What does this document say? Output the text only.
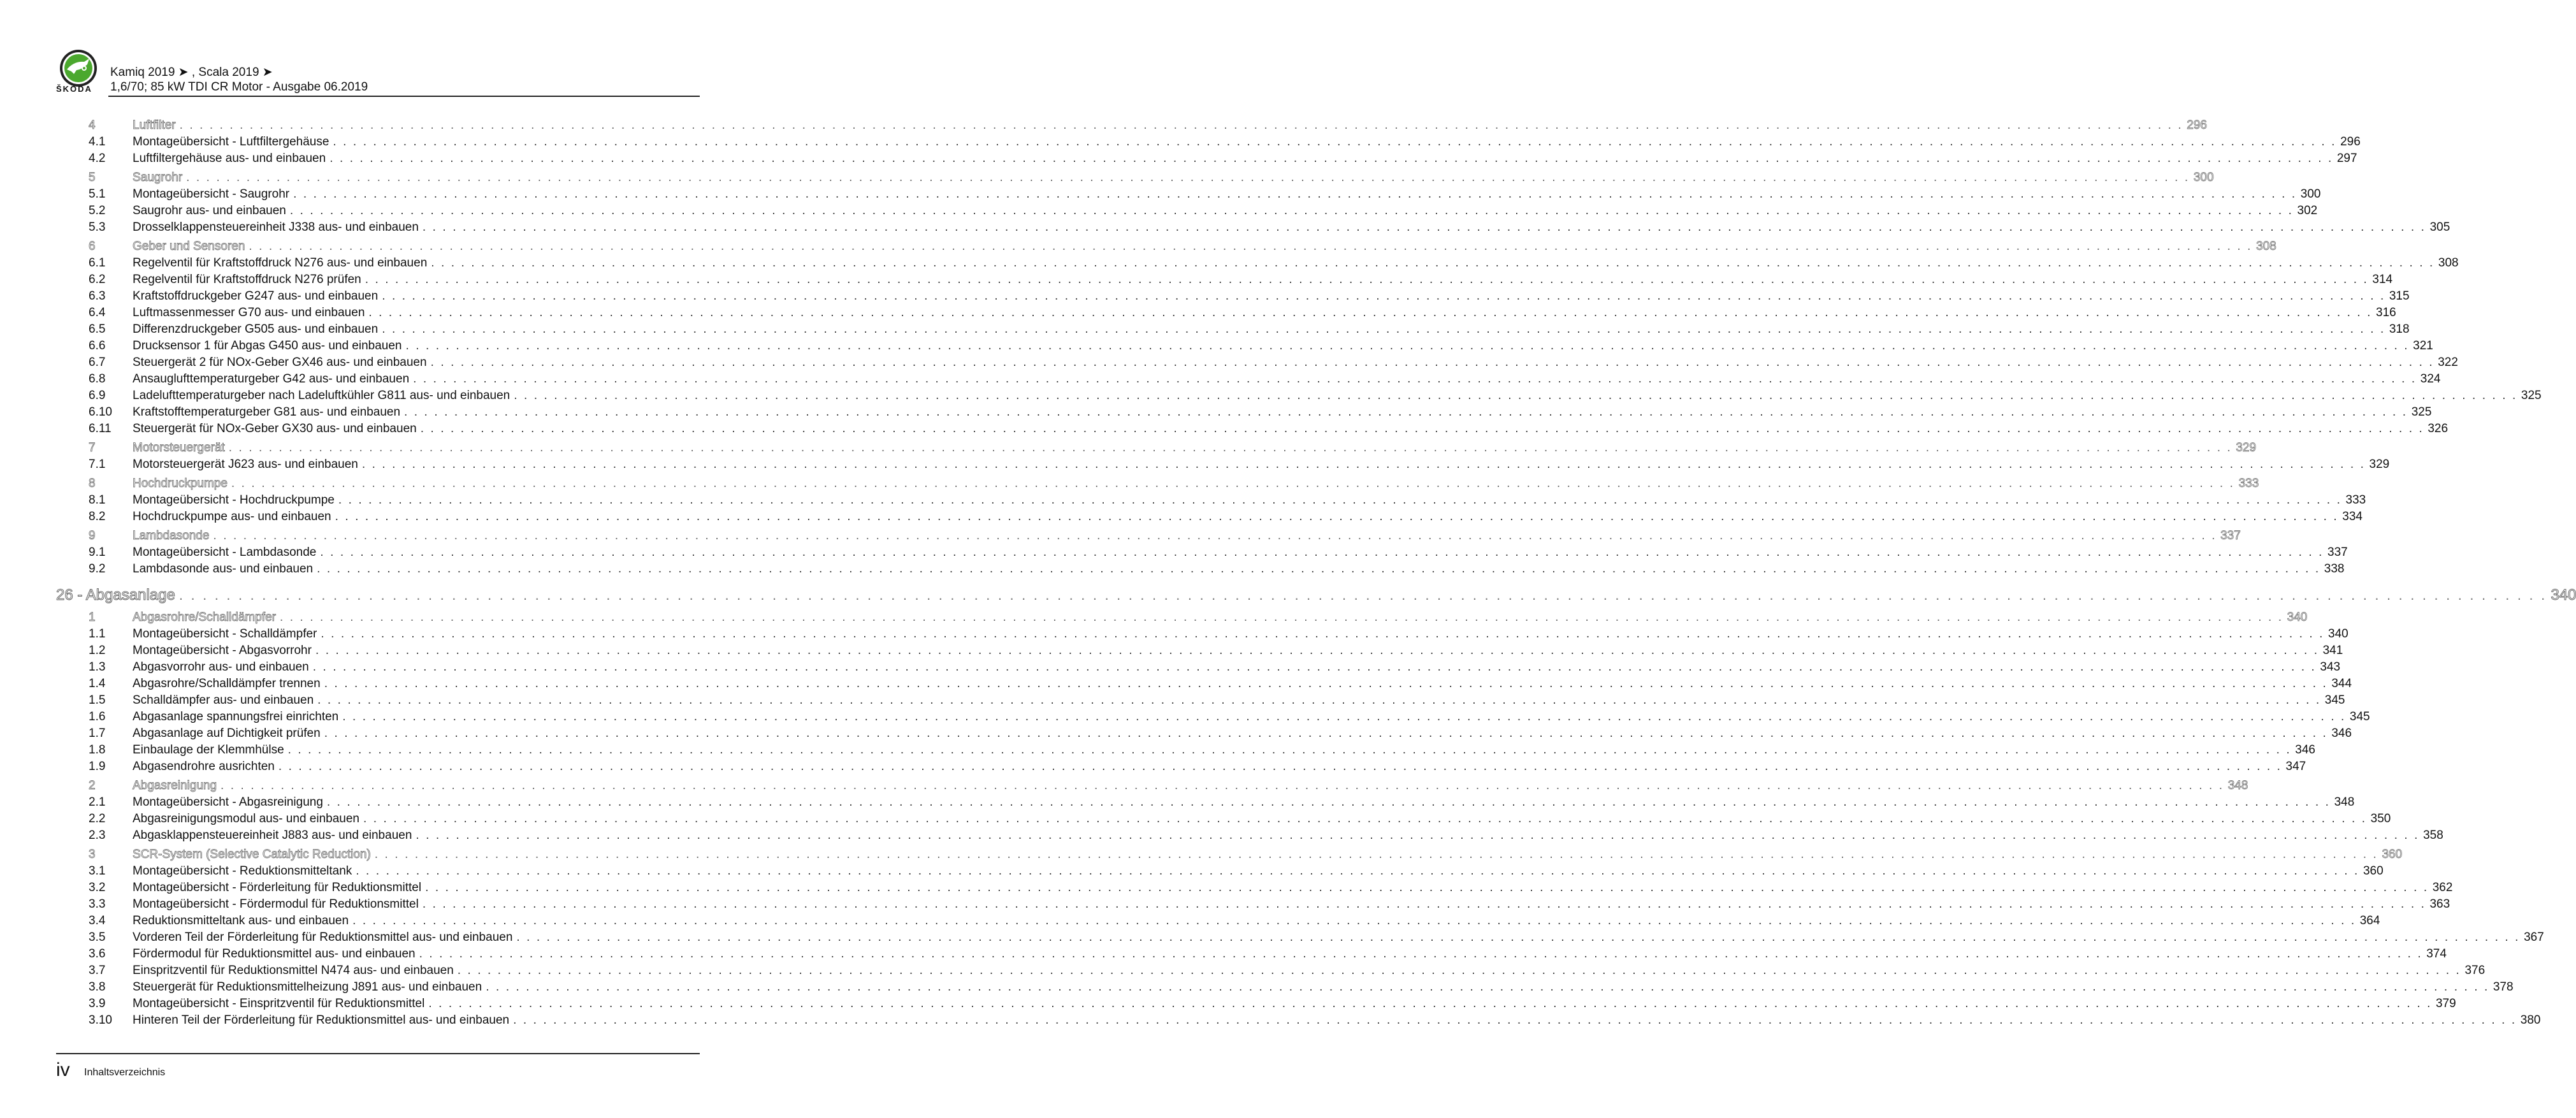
ŠKODA
Kamiq 2019 ➤ , Scala 2019 ➤
1,6/70; 85 kW TDI CR Motor - Ausgabe 06.2019
4	Luftfilter . . . . . . . . . . . . . . . . . . . . . . . . . . . . . . . . . . . . . . . . . . . . . . . . . . . . . . . . . . . . . . . . . . . . . . . . . . . . . . . . . . . . . . . . . . . . . . . . . . . . . . . . . . . . . . . . . . . . . . . . . . . . . . . . . . . . . . . . . . . . . . . . . . . . . . . . . . . . . . . . . . . . . . . . . . . . . . . . . . . . . . . . . . . . . . . . . . . . . . . . 296
4.1	Montageübersicht - Luftfiltergehäuse . . . . . . . . . . . . . . . . . . . . . . . . . . . . . . . . . . . . . . . . . . . . . . . . . . . . . . . . . . . . . . . . . . . . . . . . . . . . . . . . . . . . . . . . . . . . . . . . . . . . . . . . . . . . . . . . . . . . . . . . . . . . . . . . . . . . . . . . . . . . . . . . . . . . . . . . . . . . . . . . . . . . . . . . . . . . . . . . . . . . . . . . . . . . . . . . . . . . . . . . 296
4.2	Luftfiltergehäuse aus- und einbauen . . . . . . . . . . . . . . . . . . . . . . . . . . . . . . . . . . . . . . . . . . . . . . . . . . . . . . . . . . . . . . . . . . . . . . . . . . . . . . . . . . . . . . . . . . . . . . . . . . . . . . . . . . . . . . . . . . . . . . . . . . . . . . . . . . . . . . . . . . . . . . . . . . . . . . . . . . . . . . . . . . . . . . . . . . . . . . . . . . . . . . . . . . . . . . . . . . . . . . . . 297
5	Saugrohr . . . . . . . . . . . . . . . . . . . . . . . . . . . . . . . . . . . . . . . . . . . . . . . . . . . . . . . . . . . . . . . . . . . . . . . . . . . . . . . . . . . . . . . . . . . . . . . . . . . . . . . . . . . . . . . . . . . . . . . . . . . . . . . . . . . . . . . . . . . . . . . . . . . . . . . . . . . . . . . . . . . . . . . . . . . . . . . . . . . . . . . . . . . . . . . . . . . . . . . . 300
5.1	Montageübersicht - Saugrohr . . . . . . . . . . . . . . . . . . . . . . . . . . . . . . . . . . . . . . . . . . . . . . . . . . . . . . . . . . . . . . . . . . . . . . . . . . . . . . . . . . . . . . . . . . . . . . . . . . . . . . . . . . . . . . . . . . . . . . . . . . . . . . . . . . . . . . . . . . . . . . . . . . . . . . . . . . . . . . . . . . . . . . . . . . . . . . . . . . . . . . . . . . . . . . . . . . . . . . . . 300
5.2	Saugrohr aus- und einbauen . . . . . . . . . . . . . . . . . . . . . . . . . . . . . . . . . . . . . . . . . . . . . . . . . . . . . . . . . . . . . . . . . . . . . . . . . . . . . . . . . . . . . . . . . . . . . . . . . . . . . . . . . . . . . . . . . . . . . . . . . . . . . . . . . . . . . . . . . . . . . . . . . . . . . . . . . . . . . . . . . . . . . . . . . . . . . . . . . . . . . . . . . . . . . . . . . . . . . . . . 302
5.3	Drosselklappensteuereinheit J338 aus- und einbauen . . . . . . . . . . . . . . . . . . . . . . . . . . . . . . . . . . . . . . . . . . . . . . . . . . . . . . . . . . . . . . . . . . . . . . . . . . . . . . . . . . . . . . . . . . . . . . . . . . . . . . . . . . . . . . . . . . . . . . . . . . . . . . . . . . . . . . . . . . . . . . . . . . . . . . . . . . . . . . . . . . . . . . . . . . . . . . . . . . . . . . . . . . . . . . . . . . . . . . . . 305
6	Geber und Sensoren . . . . . . . . . . . . . . . . . . . . . . . . . . . . . . . . . . . . . . . . . . . . . . . . . . . . . . . . . . . . . . . . . . . . . . . . . . . . . . . . . . . . . . . . . . . . . . . . . . . . . . . . . . . . . . . . . . . . . . . . . . . . . . . . . . . . . . . . . . . . . . . . . . . . . . . . . . . . . . . . . . . . . . . . . . . . . . . . . . . . . . . . . . . . . . . . . . . . . . . . 308
6.1	Regelventil für Kraftstoffdruck N276 aus- und einbauen . . . . . . . . . . . . . . . . . . . . . . . . . . . . . . . . . . . . . . . . . . . . . . . . . . . . . . . . . . . . . . . . . . . . . . . . . . . . . . . . . . . . . . . . . . . . . . . . . . . . . . . . . . . . . . . . . . . . . . . . . . . . . . . . . . . . . . . . . . . . . . . . . . . . . . . . . . . . . . . . . . . . . . . . . . . . . . . . . . . . . . . . . . . . . . . . . . . . . . . . 308
6.2	Regelventil für Kraftstoffdruck N276 prüfen . . . . . . . . . . . . . . . . . . . . . . . . . . . . . . . . . . . . . . . . . . . . . . . . . . . . . . . . . . . . . . . . . . . . . . . . . . . . . . . . . . . . . . . . . . . . . . . . . . . . . . . . . . . . . . . . . . . . . . . . . . . . . . . . . . . . . . . . . . . . . . . . . . . . . . . . . . . . . . . . . . . . . . . . . . . . . . . . . . . . . . . . . . . . . . . . . . . . . . . . 314
6.3	Kraftstoffdruckgeber G247 aus- und einbauen . . . . . . . . . . . . . . . . . . . . . . . . . . . . . . . . . . . . . . . . . . . . . . . . . . . . . . . . . . . . . . . . . . . . . . . . . . . . . . . . . . . . . . . . . . . . . . . . . . . . . . . . . . . . . . . . . . . . . . . . . . . . . . . . . . . . . . . . . . . . . . . . . . . . . . . . . . . . . . . . . . . . . . . . . . . . . . . . . . . . . . . . . . . . . . . . . . . . . . . . 315
6.4	Luftmassenmesser G70 aus- und einbauen . . . . . . . . . . . . . . . . . . . . . . . . . . . . . . . . . . . . . . . . . . . . . . . . . . . . . . . . . . . . . . . . . . . . . . . . . . . . . . . . . . . . . . . . . . . . . . . . . . . . . . . . . . . . . . . . . . . . . . . . . . . . . . . . . . . . . . . . . . . . . . . . . . . . . . . . . . . . . . . . . . . . . . . . . . . . . . . . . . . . . . . . . . . . . . . . . . . . . . . . 316
6.5	Differenzdruckgeber G505 aus- und einbauen . . . . . . . . . . . . . . . . . . . . . . . . . . . . . . . . . . . . . . . . . . . . . . . . . . . . . . . . . . . . . . . . . . . . . . . . . . . . . . . . . . . . . . . . . . . . . . . . . . . . . . . . . . . . . . . . . . . . . . . . . . . . . . . . . . . . . . . . . . . . . . . . . . . . . . . . . . . . . . . . . . . . . . . . . . . . . . . . . . . . . . . . . . . . . . . . . . . . . . . . 318
6.6	Drucksensor 1 für Abgas G450 aus- und einbauen . . . . . . . . . . . . . . . . . . . . . . . . . . . . . . . . . . . . . . . . . . . . . . . . . . . . . . . . . . . . . . . . . . . . . . . . . . . . . . . . . . . . . . . . . . . . . . . . . . . . . . . . . . . . . . . . . . . . . . . . . . . . . . . . . . . . . . . . . . . . . . . . . . . . . . . . . . . . . . . . . . . . . . . . . . . . . . . . . . . . . . . . . . . . . . . . . . . . . . . . 321
6.7	Steuergerät 2 für NOx-Geber GX46 aus- und einbauen . . . . . . . . . . . . . . . . . . . . . . . . . . . . . . . . . . . . . . . . . . . . . . . . . . . . . . . . . . . . . . . . . . . . . . . . . . . . . . . . . . . . . . . . . . . . . . . . . . . . . . . . . . . . . . . . . . . . . . . . . . . . . . . . . . . . . . . . . . . . . . . . . . . . . . . . . . . . . . . . . . . . . . . . . . . . . . . . . . . . . . . . . . . . . . . . . . . . . . . . 322
6.8	Ansauglufttemperaturgeber G42 aus- und einbauen . . . . . . . . . . . . . . . . . . . . . . . . . . . . . . . . . . . . . . . . . . . . . . . . . . . . . . . . . . . . . . . . . . . . . . . . . . . . . . . . . . . . . . . . . . . . . . . . . . . . . . . . . . . . . . . . . . . . . . . . . . . . . . . . . . . . . . . . . . . . . . . . . . . . . . . . . . . . . . . . . . . . . . . . . . . . . . . . . . . . . . . . . . . . . . . . . . . . . . . . 324
6.9	Ladelufttemperaturgeber nach Ladeluftkühler G811 aus- und einbauen . . . . . . . . . . . . . . . . . . . . . . . . . . . . . . . . . . . . . . . . . . . . . . . . . . . . . . . . . . . . . . . . . . . . . . . . . . . . . . . . . . . . . . . . . . . . . . . . . . . . . . . . . . . . . . . . . . . . . . . . . . . . . . . . . . . . . . . . . . . . . . . . . . . . . . . . . . . . . . . . . . . . . . . . . . . . . . . . . . . . . . . . . . . . . . . . . . . . . . . . 325
6.10	Kraftstofftemperaturgeber G81 aus- und einbauen . . . . . . . . . . . . . . . . . . . . . . . . . . . . . . . . . . . . . . . . . . . . . . . . . . . . . . . . . . . . . . . . . . . . . . . . . . . . . . . . . . . . . . . . . . . . . . . . . . . . . . . . . . . . . . . . . . . . . . . . . . . . . . . . . . . . . . . . . . . . . . . . . . . . . . . . . . . . . . . . . . . . . . . . . . . . . . . . . . . . . . . . . . . . . . . . . . . . . . . . 325
6.11	Steuergerät für NOx-Geber GX30 aus- und einbauen . . . . . . . . . . . . . . . . . . . . . . . . . . . . . . . . . . . . . . . . . . . . . . . . . . . . . . . . . . . . . . . . . . . . . . . . . . . . . . . . . . . . . . . . . . . . . . . . . . . . . . . . . . . . . . . . . . . . . . . . . . . . . . . . . . . . . . . . . . . . . . . . . . . . . . . . . . . . . . . . . . . . . . . . . . . . . . . . . . . . . . . . . . . . . . . . . . . . . . . . 326
7	Motorsteuergerät . . . . . . . . . . . . . . . . . . . . . . . . . . . . . . . . . . . . . . . . . . . . . . . . . . . . . . . . . . . . . . . . . . . . . . . . . . . . . . . . . . . . . . . . . . . . . . . . . . . . . . . . . . . . . . . . . . . . . . . . . . . . . . . . . . . . . . . . . . . . . . . . . . . . . . . . . . . . . . . . . . . . . . . . . . . . . . . . . . . . . . . . . . . . . . . . . . . . . . . . 329
7.1	Motorsteuergerät J623 aus- und einbauen . . . . . . . . . . . . . . . . . . . . . . . . . . . . . . . . . . . . . . . . . . . . . . . . . . . . . . . . . . . . . . . . . . . . . . . . . . . . . . . . . . . . . . . . . . . . . . . . . . . . . . . . . . . . . . . . . . . . . . . . . . . . . . . . . . . . . . . . . . . . . . . . . . . . . . . . . . . . . . . . . . . . . . . . . . . . . . . . . . . . . . . . . . . . . . . . . . . . . . . . 329
8	Hochdruckpumpe . . . . . . . . . . . . . . . . . . . . . . . . . . . . . . . . . . . . . . . . . . . . . . . . . . . . . . . . . . . . . . . . . . . . . . . . . . . . . . . . . . . . . . . . . . . . . . . . . . . . . . . . . . . . . . . . . . . . . . . . . . . . . . . . . . . . . . . . . . . . . . . . . . . . . . . . . . . . . . . . . . . . . . . . . . . . . . . . . . . . . . . . . . . . . . . . . . . . . . . . 333
8.1	Montageübersicht - Hochdruckpumpe . . . . . . . . . . . . . . . . . . . . . . . . . . . . . . . . . . . . . . . . . . . . . . . . . . . . . . . . . . . . . . . . . . . . . . . . . . . . . . . . . . . . . . . . . . . . . . . . . . . . . . . . . . . . . . . . . . . . . . . . . . . . . . . . . . . . . . . . . . . . . . . . . . . . . . . . . . . . . . . . . . . . . . . . . . . . . . . . . . . . . . . . . . . . . . . . . . . . . . . . 333
8.2	Hochdruckpumpe aus- und einbauen . . . . . . . . . . . . . . . . . . . . . . . . . . . . . . . . . . . . . . . . . . . . . . . . . . . . . . . . . . . . . . . . . . . . . . . . . . . . . . . . . . . . . . . . . . . . . . . . . . . . . . . . . . . . . . . . . . . . . . . . . . . . . . . . . . . . . . . . . . . . . . . . . . . . . . . . . . . . . . . . . . . . . . . . . . . . . . . . . . . . . . . . . . . . . . . . . . . . . . . . 334
9	Lambdasonde . . . . . . . . . . . . . . . . . . . . . . . . . . . . . . . . . . . . . . . . . . . . . . . . . . . . . . . . . . . . . . . . . . . . . . . . . . . . . . . . . . . . . . . . . . . . . . . . . . . . . . . . . . . . . . . . . . . . . . . . . . . . . . . . . . . . . . . . . . . . . . . . . . . . . . . . . . . . . . . . . . . . . . . . . . . . . . . . . . . . . . . . . . . . . . . . . . . . . . . . 337
9.1	Montageübersicht - Lambdasonde . . . . . . . . . . . . . . . . . . . . . . . . . . . . . . . . . . . . . . . . . . . . . . . . . . . . . . . . . . . . . . . . . . . . . . . . . . . . . . . . . . . . . . . . . . . . . . . . . . . . . . . . . . . . . . . . . . . . . . . . . . . . . . . . . . . . . . . . . . . . . . . . . . . . . . . . . . . . . . . . . . . . . . . . . . . . . . . . . . . . . . . . . . . . . . . . . . . . . . . . 337
9.2	Lambdasonde aus- und einbauen . . . . . . . . . . . . . . . . . . . . . . . . . . . . . . . . . . . . . . . . . . . . . . . . . . . . . . . . . . . . . . . . . . . . . . . . . . . . . . . . . . . . . . . . . . . . . . . . . . . . . . . . . . . . . . . . . . . . . . . . . . . . . . . . . . . . . . . . . . . . . . . . . . . . . . . . . . . . . . . . . . . . . . . . . . . . . . . . . . . . . . . . . . . . . . . . . . . . . . . . 338
26 - Abgasanlage . . . . . . . . . . . . . . . . . . . . . . . . . . . . . . . . . . . . . . . . . . . . . . . . . . . . . . . . . . . . . . . . . . . . . . . . . . . . . . . . . . . . . . . . . . . . . . . . . . . . . . . . . . . . . . . . . . . . . . . . . . . . . . . . . . . . . . . . . . . . . . . . . . . . . . . . . . . . . . . . . . . . . . . . . . . . . . . . . . . . . . . . . . . . . . . . . . . . . . . . 340
1	Abgasrohre/Schalldämpfer . . . . . . . . . . . . . . . . . . . . . . . . . . . . . . . . . . . . . . . . . . . . . . . . . . . . . . . . . . . . . . . . . . . . . . . . . . . . . . . . . . . . . . . . . . . . . . . . . . . . . . . . . . . . . . . . . . . . . . . . . . . . . . . . . . . . . . . . . . . . . . . . . . . . . . . . . . . . . . . . . . . . . . . . . . . . . . . . . . . . . . . . . . . . . . . . . . . . . . . . 340
1.1	Montageübersicht - Schalldämpfer . . . . . . . . . . . . . . . . . . . . . . . . . . . . . . . . . . . . . . . . . . . . . . . . . . . . . . . . . . . . . . . . . . . . . . . . . . . . . . . . . . . . . . . . . . . . . . . . . . . . . . . . . . . . . . . . . . . . . . . . . . . . . . . . . . . . . . . . . . . . . . . . . . . . . . . . . . . . . . . . . . . . . . . . . . . . . . . . . . . . . . . . . . . . . . . . . . . . . . . . 340
1.2	Montageübersicht - Abgasvorrohr . . . . . . . . . . . . . . . . . . . . . . . . . . . . . . . . . . . . . . . . . . . . . . . . . . . . . . . . . . . . . . . . . . . . . . . . . . . . . . . . . . . . . . . . . . . . . . . . . . . . . . . . . . . . . . . . . . . . . . . . . . . . . . . . . . . . . . . . . . . . . . . . . . . . . . . . . . . . . . . . . . . . . . . . . . . . . . . . . . . . . . . . . . . . . . . . . . . . . . . . 341
1.3	Abgasvorrohr aus- und einbauen . . . . . . . . . . . . . . . . . . . . . . . . . . . . . . . . . . . . . . . . . . . . . . . . . . . . . . . . . . . . . . . . . . . . . . . . . . . . . . . . . . . . . . . . . . . . . . . . . . . . . . . . . . . . . . . . . . . . . . . . . . . . . . . . . . . . . . . . . . . . . . . . . . . . . . . . . . . . . . . . . . . . . . . . . . . . . . . . . . . . . . . . . . . . . . . . . . . . . . . . 343
1.4	Abgasrohre/Schalldämpfer trennen . . . . . . . . . . . . . . . . . . . . . . . . . . . . . . . . . . . . . . . . . . . . . . . . . . . . . . . . . . . . . . . . . . . . . . . . . . . . . . . . . . . . . . . . . . . . . . . . . . . . . . . . . . . . . . . . . . . . . . . . . . . . . . . . . . . . . . . . . . . . . . . . . . . . . . . . . . . . . . . . . . . . . . . . . . . . . . . . . . . . . . . . . . . . . . . . . . . . . . . . 344
1.5	Schalldämpfer aus- und einbauen . . . . . . . . . . . . . . . . . . . . . . . . . . . . . . . . . . . . . . . . . . . . . . . . . . . . . . . . . . . . . . . . . . . . . . . . . . . . . . . . . . . . . . . . . . . . . . . . . . . . . . . . . . . . . . . . . . . . . . . . . . . . . . . . . . . . . . . . . . . . . . . . . . . . . . . . . . . . . . . . . . . . . . . . . . . . . . . . . . . . . . . . . . . . . . . . . . . . . . . . 345
1.6	Abgasanlage spannungsfrei einrichten . . . . . . . . . . . . . . . . . . . . . . . . . . . . . . . . . . . . . . . . . . . . . . . . . . . . . . . . . . . . . . . . . . . . . . . . . . . . . . . . . . . . . . . . . . . . . . . . . . . . . . . . . . . . . . . . . . . . . . . . . . . . . . . . . . . . . . . . . . . . . . . . . . . . . . . . . . . . . . . . . . . . . . . . . . . . . . . . . . . . . . . . . . . . . . . . . . . . . . . . 345
1.7	Abgasanlage auf Dichtigkeit prüfen . . . . . . . . . . . . . . . . . . . . . . . . . . . . . . . . . . . . . . . . . . . . . . . . . . . . . . . . . . . . . . . . . . . . . . . . . . . . . . . . . . . . . . . . . . . . . . . . . . . . . . . . . . . . . . . . . . . . . . . . . . . . . . . . . . . . . . . . . . . . . . . . . . . . . . . . . . . . . . . . . . . . . . . . . . . . . . . . . . . . . . . . . . . . . . . . . . . . . . . . 346
1.8	Einbaulage der Klemmhülse . . . . . . . . . . . . . . . . . . . . . . . . . . . . . . . . . . . . . . . . . . . . . . . . . . . . . . . . . . . . . . . . . . . . . . . . . . . . . . . . . . . . . . . . . . . . . . . . . . . . . . . . . . . . . . . . . . . . . . . . . . . . . . . . . . . . . . . . . . . . . . . . . . . . . . . . . . . . . . . . . . . . . . . . . . . . . . . . . . . . . . . . . . . . . . . . . . . . . . . . 346
1.9	Abgasendrohre ausrichten . . . . . . . . . . . . . . . . . . . . . . . . . . . . . . . . . . . . . . . . . . . . . . . . . . . . . . . . . . . . . . . . . . . . . . . . . . . . . . . . . . . . . . . . . . . . . . . . . . . . . . . . . . . . . . . . . . . . . . . . . . . . . . . . . . . . . . . . . . . . . . . . . . . . . . . . . . . . . . . . . . . . . . . . . . . . . . . . . . . . . . . . . . . . . . . . . . . . . . . . 347
2	Abgasreinigung . . . . . . . . . . . . . . . . . . . . . . . . . . . . . . . . . . . . . . . . . . . . . . . . . . . . . . . . . . . . . . . . . . . . . . . . . . . . . . . . . . . . . . . . . . . . . . . . . . . . . . . . . . . . . . . . . . . . . . . . . . . . . . . . . . . . . . . . . . . . . . . . . . . . . . . . . . . . . . . . . . . . . . . . . . . . . . . . . . . . . . . . . . . . . . . . . . . . . . . . 348
2.1	Montageübersicht - Abgasreinigung . . . . . . . . . . . . . . . . . . . . . . . . . . . . . . . . . . . . . . . . . . . . . . . . . . . . . . . . . . . . . . . . . . . . . . . . . . . . . . . . . . . . . . . . . . . . . . . . . . . . . . . . . . . . . . . . . . . . . . . . . . . . . . . . . . . . . . . . . . . . . . . . . . . . . . . . . . . . . . . . . . . . . . . . . . . . . . . . . . . . . . . . . . . . . . . . . . . . . . . . 348
2.2	Abgasreinigungsmodul aus- und einbauen . . . . . . . . . . . . . . . . . . . . . . . . . . . . . . . . . . . . . . . . . . . . . . . . . . . . . . . . . . . . . . . . . . . . . . . . . . . . . . . . . . . . . . . . . . . . . . . . . . . . . . . . . . . . . . . . . . . . . . . . . . . . . . . . . . . . . . . . . . . . . . . . . . . . . . . . . . . . . . . . . . . . . . . . . . . . . . . . . . . . . . . . . . . . . . . . . . . . . . . . 350
2.3	Abgasklappensteuereinheit J883 aus- und einbauen . . . . . . . . . . . . . . . . . . . . . . . . . . . . . . . . . . . . . . . . . . . . . . . . . . . . . . . . . . . . . . . . . . . . . . . . . . . . . . . . . . . . . . . . . . . . . . . . . . . . . . . . . . . . . . . . . . . . . . . . . . . . . . . . . . . . . . . . . . . . . . . . . . . . . . . . . . . . . . . . . . . . . . . . . . . . . . . . . . . . . . . . . . . . . . . . . . . . . . . . 358
3	SCR-System (Selective Catalytic Reduction) . . . . . . . . . . . . . . . . . . . . . . . . . . . . . . . . . . . . . . . . . . . . . . . . . . . . . . . . . . . . . . . . . . . . . . . . . . . . . . . . . . . . . . . . . . . . . . . . . . . . . . . . . . . . . . . . . . . . . . . . . . . . . . . . . . . . . . . . . . . . . . . . . . . . . . . . . . . . . . . . . . . . . . . . . . . . . . . . . . . . . . . . . . . . . . . . . . . . . . . . 360
3.1	Montageübersicht - Reduktionsmitteltank . . . . . . . . . . . . . . . . . . . . . . . . . . . . . . . . . . . . . . . . . . . . . . . . . . . . . . . . . . . . . . . . . . . . . . . . . . . . . . . . . . . . . . . . . . . . . . . . . . . . . . . . . . . . . . . . . . . . . . . . . . . . . . . . . . . . . . . . . . . . . . . . . . . . . . . . . . . . . . . . . . . . . . . . . . . . . . . . . . . . . . . . . . . . . . . . . . . . . . . . 360
3.2	Montageübersicht - Förderleitung für Reduktionsmittel . . . . . . . . . . . . . . . . . . . . . . . . . . . . . . . . . . . . . . . . . . . . . . . . . . . . . . . . . . . . . . . . . . . . . . . . . . . . . . . . . . . . . . . . . . . . . . . . . . . . . . . . . . . . . . . . . . . . . . . . . . . . . . . . . . . . . . . . . . . . . . . . . . . . . . . . . . . . . . . . . . . . . . . . . . . . . . . . . . . . . . . . . . . . . . . . . . . . . . . . 362
3.3	Montageübersicht - Fördermodul für Reduktionsmittel . . . . . . . . . . . . . . . . . . . . . . . . . . . . . . . . . . . . . . . . . . . . . . . . . . . . . . . . . . . . . . . . . . . . . . . . . . . . . . . . . . . . . . . . . . . . . . . . . . . . . . . . . . . . . . . . . . . . . . . . . . . . . . . . . . . . . . . . . . . . . . . . . . . . . . . . . . . . . . . . . . . . . . . . . . . . . . . . . . . . . . . . . . . . . . . . . . . . . . . . 363
3.4	Reduktionsmitteltank aus- und einbauen . . . . . . . . . . . . . . . . . . . . . . . . . . . . . . . . . . . . . . . . . . . . . . . . . . . . . . . . . . . . . . . . . . . . . . . . . . . . . . . . . . . . . . . . . . . . . . . . . . . . . . . . . . . . . . . . . . . . . . . . . . . . . . . . . . . . . . . . . . . . . . . . . . . . . . . . . . . . . . . . . . . . . . . . . . . . . . . . . . . . . . . . . . . . . . . . . . . . . . . . 364
3.5	Vorderen Teil der Förderleitung für Reduktionsmittel aus- und einbauen . . . . . . . . . . . . . . . . . . . . . . . . . . . . . . . . . . . . . . . . . . . . . . . . . . . . . . . . . . . . . . . . . . . . . . . . . . . . . . . . . . . . . . . . . . . . . . . . . . . . . . . . . . . . . . . . . . . . . . . . . . . . . . . . . . . . . . . . . . . . . . . . . . . . . . . . . . . . . . . . . . . . . . . . . . . . . . . . . . . . . . . . . . . . . . . . . . . . . . . . 367
3.6	Fördermodul für Reduktionsmittel aus- und einbauen . . . . . . . . . . . . . . . . . . . . . . . . . . . . . . . . . . . . . . . . . . . . . . . . . . . . . . . . . . . . . . . . . . . . . . . . . . . . . . . . . . . . . . . . . . . . . . . . . . . . . . . . . . . . . . . . . . . . . . . . . . . . . . . . . . . . . . . . . . . . . . . . . . . . . . . . . . . . . . . . . . . . . . . . . . . . . . . . . . . . . . . . . . . . . . . . . . . . . . . . 374
3.7	Einspritzventil für Reduktionsmittel N474 aus- und einbauen . . . . . . . . . . . . . . . . . . . . . . . . . . . . . . . . . . . . . . . . . . . . . . . . . . . . . . . . . . . . . . . . . . . . . . . . . . . . . . . . . . . . . . . . . . . . . . . . . . . . . . . . . . . . . . . . . . . . . . . . . . . . . . . . . . . . . . . . . . . . . . . . . . . . . . . . . . . . . . . . . . . . . . . . . . . . . . . . . . . . . . . . . . . . . . . . . . . . . . . . 376
3.8	Steuergerät für Reduktionsmittelheizung J891 aus- und einbauen . . . . . . . . . . . . . . . . . . . . . . . . . . . . . . . . . . . . . . . . . . . . . . . . . . . . . . . . . . . . . . . . . . . . . . . . . . . . . . . . . . . . . . . . . . . . . . . . . . . . . . . . . . . . . . . . . . . . . . . . . . . . . . . . . . . . . . . . . . . . . . . . . . . . . . . . . . . . . . . . . . . . . . . . . . . . . . . . . . . . . . . . . . . . . . . . . . . . . . . . 378
3.9	Montageübersicht - Einspritzventil für Reduktionsmittel . . . . . . . . . . . . . . . . . . . . . . . . . . . . . . . . . . . . . . . . . . . . . . . . . . . . . . . . . . . . . . . . . . . . . . . . . . . . . . . . . . . . . . . . . . . . . . . . . . . . . . . . . . . . . . . . . . . . . . . . . . . . . . . . . . . . . . . . . . . . . . . . . . . . . . . . . . . . . . . . . . . . . . . . . . . . . . . . . . . . . . . . . . . . . . . . . . . . . . . . 379
3.10	Hinteren Teil der Förderleitung für Reduktionsmittel aus- und einbauen . . . . . . . . . . . . . . . . . . . . . . . . . . . . . . . . . . . . . . . . . . . . . . . . . . . . . . . . . . . . . . . . . . . . . . . . . . . . . . . . . . . . . . . . . . . . . . . . . . . . . . . . . . . . . . . . . . . . . . . . . . . . . . . . . . . . . . . . . . . . . . . . . . . . . . . . . . . . . . . . . . . . . . . . . . . . . . . . . . . . . . . . . . . . . . . . . . . . . . . . 380
iv Inhaltsverzeichnis
